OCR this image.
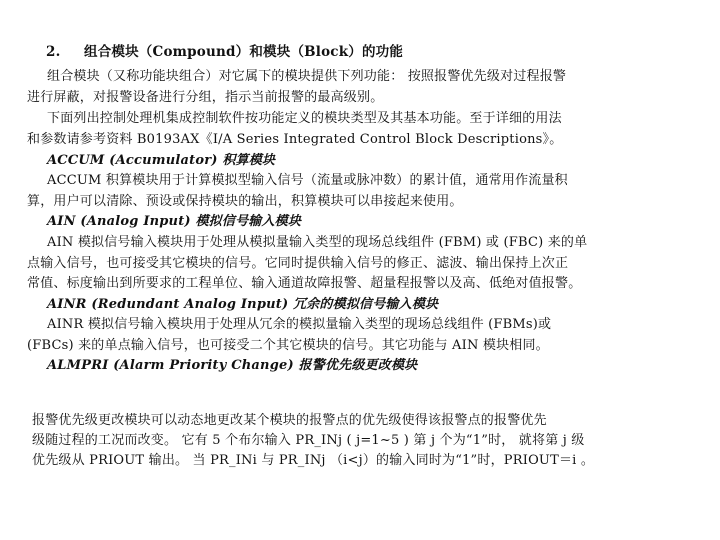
2. 组合模块（Compound）和模块（Block）的功能
组合模块（又称功能块组合）对它属下的模块提供下列功能： 按照报警优先级对过程报警
进行屏蔽，对报警设备进行分组，指示当前报警的最高级别。
下面列出控制处理机集成控制软件按功能定义的模块类型及其基本功能。至于详细的用法
和参数请参考资料 B0193AX《I/A Series Integrated Control Block Descriptions》。
ACCUM (Accumulator) 积算模块
ACCUM 积算模块用于计算模拟型输入信号（流量或脉冲数）的累计值，通常用作流量积
算，用户可以清除、预设或保持模块的输出，积算模块可以串接起来使用。
AIN (Analog Input) 模拟信号输入模块
AIN 模拟信号输入模块用于处理从模拟量输入类型的现场总线组件 (FBM) 或 (FBC) 来的单
点输入信号，也可接受其它模块的信号。它同时提供输入信号的修正、滤波、输出保持上次正
常值、标度输出到所要求的工程单位、输入通道故障报警、超量程报警以及高、低绝对值报警。
AINR (Redundant Analog Input) 冗余的模拟信号输入模块
AINR 模拟信号输入模块用于处理从冗余的模拟量输入类型的现场总线组件 (FBMs)或
(FBCs) 来的单点输入信号，也可接受二个其它模块的信号。其它功能与 AIN 模块相同。
ALMPRI (Alarm Priority Change) 报警优先级更改模块
报警优先级更改模块可以动态地更改某个模块的报警点的优先级使得该报警点的报警优先
级随过程的工况而改变。 它有 5 个布尔输入 PR_INj ( j=1~5 ) 第 j 个为“1”时， 就将第 j 级
优先级从 PRIOUT 输出。 当 PR_INi 与 PR_INj （i<j）的输入同时为“1”时，PRIOUT＝i 。
